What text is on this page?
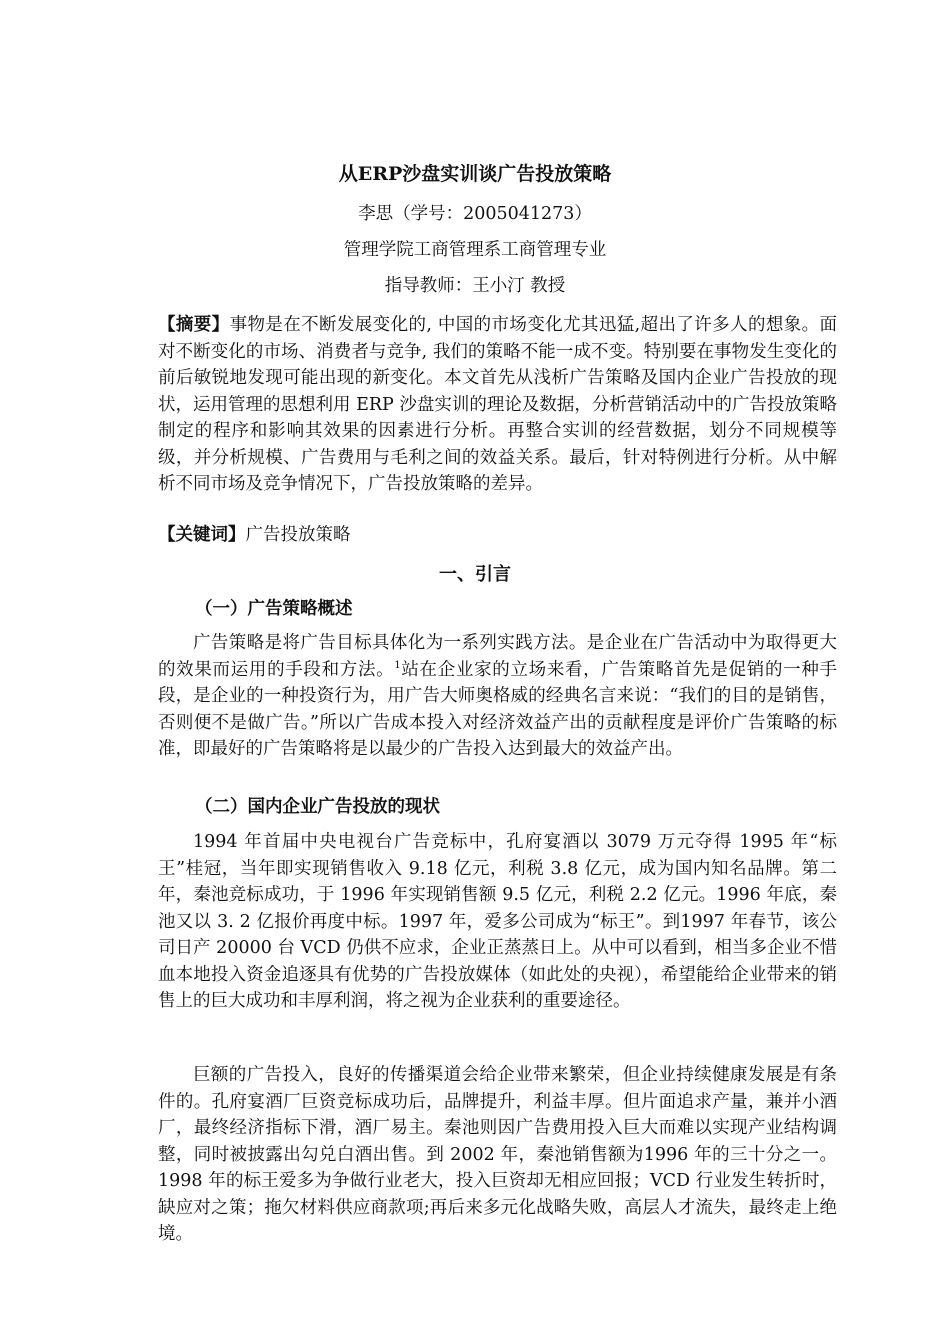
从ERP沙盘实训谈广告投放策略
李思（学号：2005041273）
管理学院工商管理系工商管理专业
指导教师：王小汀 教授
【摘要】事物是在不断发展变化的, 中国的市场变化尤其迅猛,超出了许多人的想象。面对不断变化的市场、消费者与竞争, 我们的策略不能一成不变。特别要在事物发生变化的前后敏锐地发现可能出现的新变化。本文首先从浅析广告策略及国内企业广告投放的现状，运用管理的思想利用 ERP 沙盘实训的理论及数据，分析营销活动中的广告投放策略制定的程序和影响其效果的因素进行分析。再整合实训的经营数据，划分不同规模等级，并分析规模、广告费用与毛利之间的效益关系。最后，针对特例进行分析。从中解析不同市场及竞争情况下，广告投放策略的差异。
【关键词】广告投放策略
一、引言
（一）广告策略概述
广告策略是将广告目标具体化为一系列实践方法。是企业在广告活动中为取得更大的效果而运用的手段和方法。$^1$站在企业家的立场来看，广告策略首先是促销的一种手段，是企业的一种投资行为，用广告大师奥格威的经典名言来说：“我们的目的是销售，否则便不是做广告。”所以广告成本投入对经济效益产出的贡献程度是评价广告策略的标准，即最好的广告策略将是以最少的广告投入达到最大的效益产出。
（二）国内企业广告投放的现状
1994 年首届中央电视台广告竞标中，孔府宴酒以 3079 万元夺得 1995 年“标王”桂冠，当年即实现销售收入 9.18 亿元，利税 3.8 亿元，成为国内知名品牌。第二年，秦池竞标成功，于 1996 年实现销售额 9.5 亿元，利税 2.2 亿元。1996 年底，秦池又以 3. 2 亿报价再度中标。1997 年，爱多公司成为“标王”。到1997 年春节，该公司日产 20000 台 VCD 仍供不应求，企业正蒸蒸日上。从中可以看到，相当多企业不惜血本地投入资金追逐具有优势的广告投放媒体（如此处的央视），希望能给企业带来的销售上的巨大成功和丰厚利润，将之视为企业获利的重要途径。
巨额的广告投入，良好的传播渠道会给企业带来繁荣，但企业持续健康发展是有条件的。孔府宴酒厂巨资竞标成功后，品牌提升，利益丰厚。但片面追求产量，兼并小酒厂，最终经济指标下滑，酒厂易主。秦池则因广告费用投入巨大而难以实现产业结构调整，同时被披露出勾兑白酒出售。到 2002 年，秦池销售额为1996 年的三十分之一。1998 年的标王爱多为争做行业老大，投入巨资却无相应回报；VCD 行业发生转折时，缺应对之策；拖欠材料供应商款项;再后来多元化战略失败，高层人才流失，最终走上绝境。
